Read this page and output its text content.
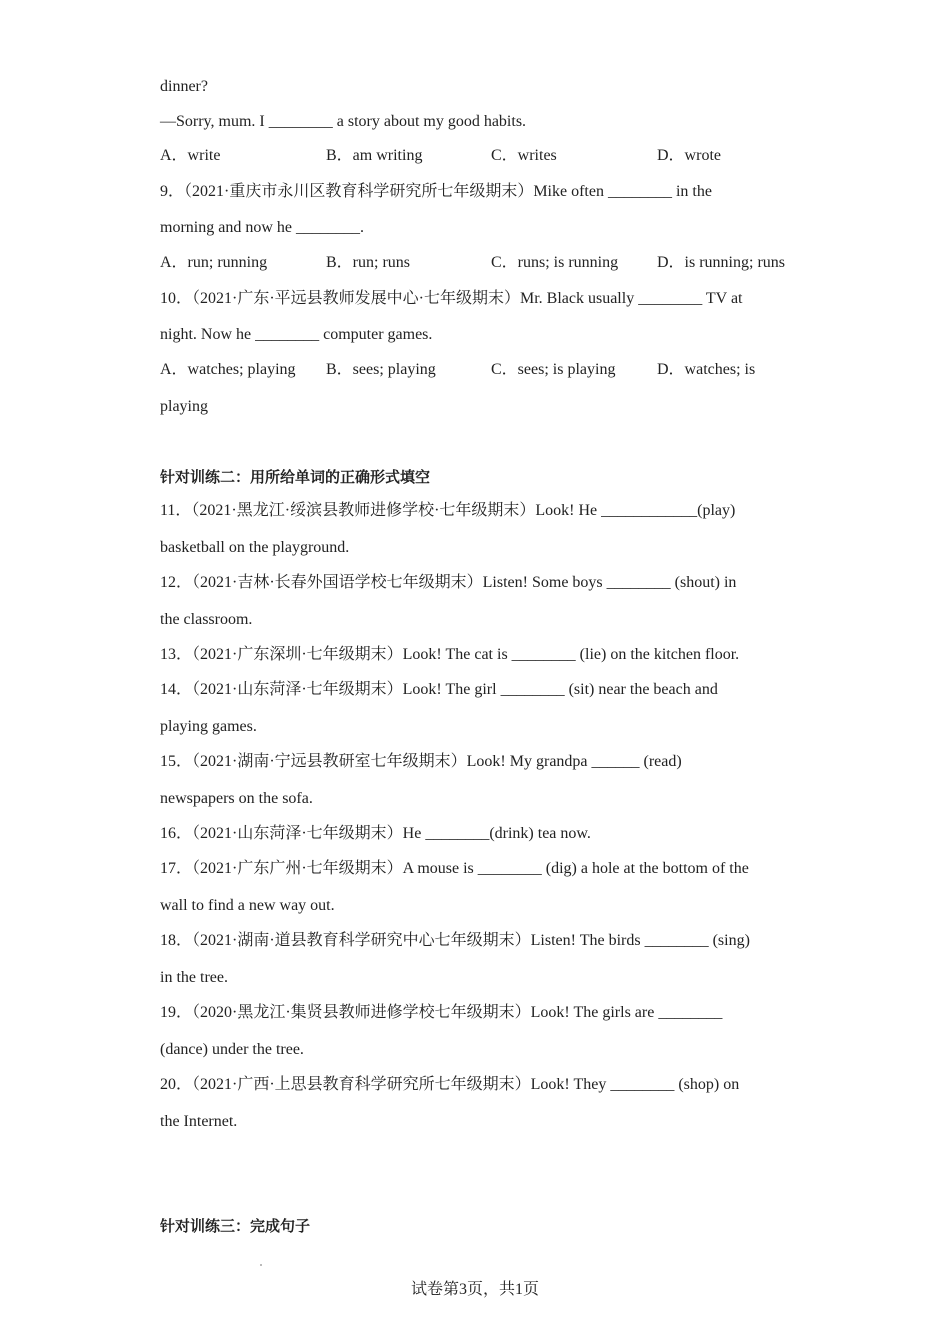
dinner?
—Sorry, mum. I ________ a story about my good habits.
A．write	B．am writing	C．writes	D．wrote
9．（2021·重庆市永川区教育科学研究所七年级期末）Mike often ________ in the
morning and now he ________.
A．run; running	B．run; runs	C．runs; is running D．is running; runs
10．（2021·广东·平远县教师发展中心·七年级期末）Mr. Black usually ________ TV at
night. Now he ________ computer games.
A．watches; playing B．sees; playing	C．sees; is playing	D．watches; is
playing
针对训练二：用所给单词的正确形式填空
11．（2021·黑龙江·绥滨县教师进修学校·七年级期末）Look! He ____________(play)
basketball on the playground.
12．（2021·吉林·长春外国语学校七年级期末）Listen! Some boys ________ (shout) in
the classroom.
13．（2021·广东深圳·七年级期末）Look! The cat is ________ (lie) on the kitchen floor.
14．（2021·山东菏泽·七年级期末）Look! The girl ________ (sit) near the beach and
playing games.
15．（2021·湖南·宁远县教研室七年级期末）Look! My grandpa ______ (read)
newspapers on the sofa.
16．（2021·山东菏泽·七年级期末）He ________(drink) tea now.
17．（2021·广东广州·七年级期末）A mouse is ________ (dig) a hole at the bottom of the
wall to find a new way out.
18．（2021·湖南·道县教育科学研究中心七年级期末）Listen! The birds ________ (sing)
in the tree.
19．（2020·黑龙江·集贤县教师进修学校七年级期末）Look! The girls are ________
(dance) under the tree.
20．（2021·广西·上思县教育科学研究所七年级期末）Look! They ________ (shop) on
the Internet.
针对训练三：完成句子
试卷第3页，共1页
